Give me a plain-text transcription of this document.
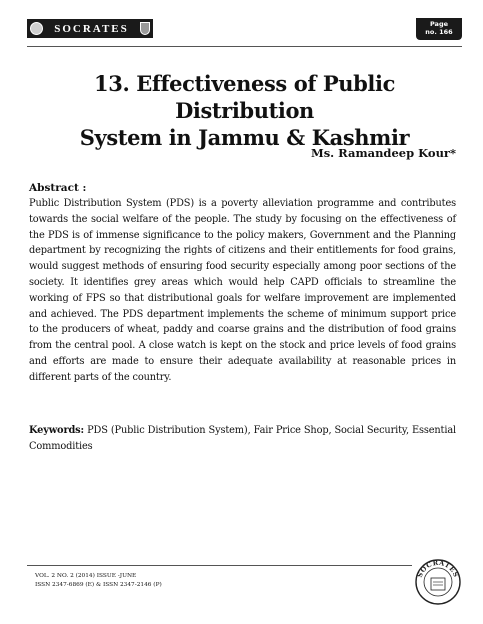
SOCRATES	Page
no. 166
13. Effectiveness of Public Distribution
System in Jammu & Kashmir

Ms. Ramandeep Kour*

Abstract :

Public Distribution System (PDS) is a poverty alleviation programme and contributes towards the social welfare of the people. The study by focusing on the effectiveness of the PDS is of immense significance to the policy makers, Government and the Planning department by recognizing the rights of citizens and their entitlements for food grains, would suggest methods of ensuring food security especially among poor sections of the society. It identifies grey areas which would help CAPD officials to streamline the working of FPS so that distributional goals for welfare improvement are implemented and achieved. The PDS department implements the scheme of minimum support price to the producers of wheat, paddy and coarse grains and the distribution of food grains from the central pool. A close watch is kept on the stock and price levels of food grains and efforts are made to ensure their adequate availability at reasonable prices in different parts of the country.

Keywords: PDS (Public Distribution System), Fair Price Shop, Social Security, Essential Commodities

VOL. 2 NO. 2 (2014) ISSUE -JUNE
ISSN 2347-6869 (E) & ISSN 2347-2146 (P)
SOCRATES
